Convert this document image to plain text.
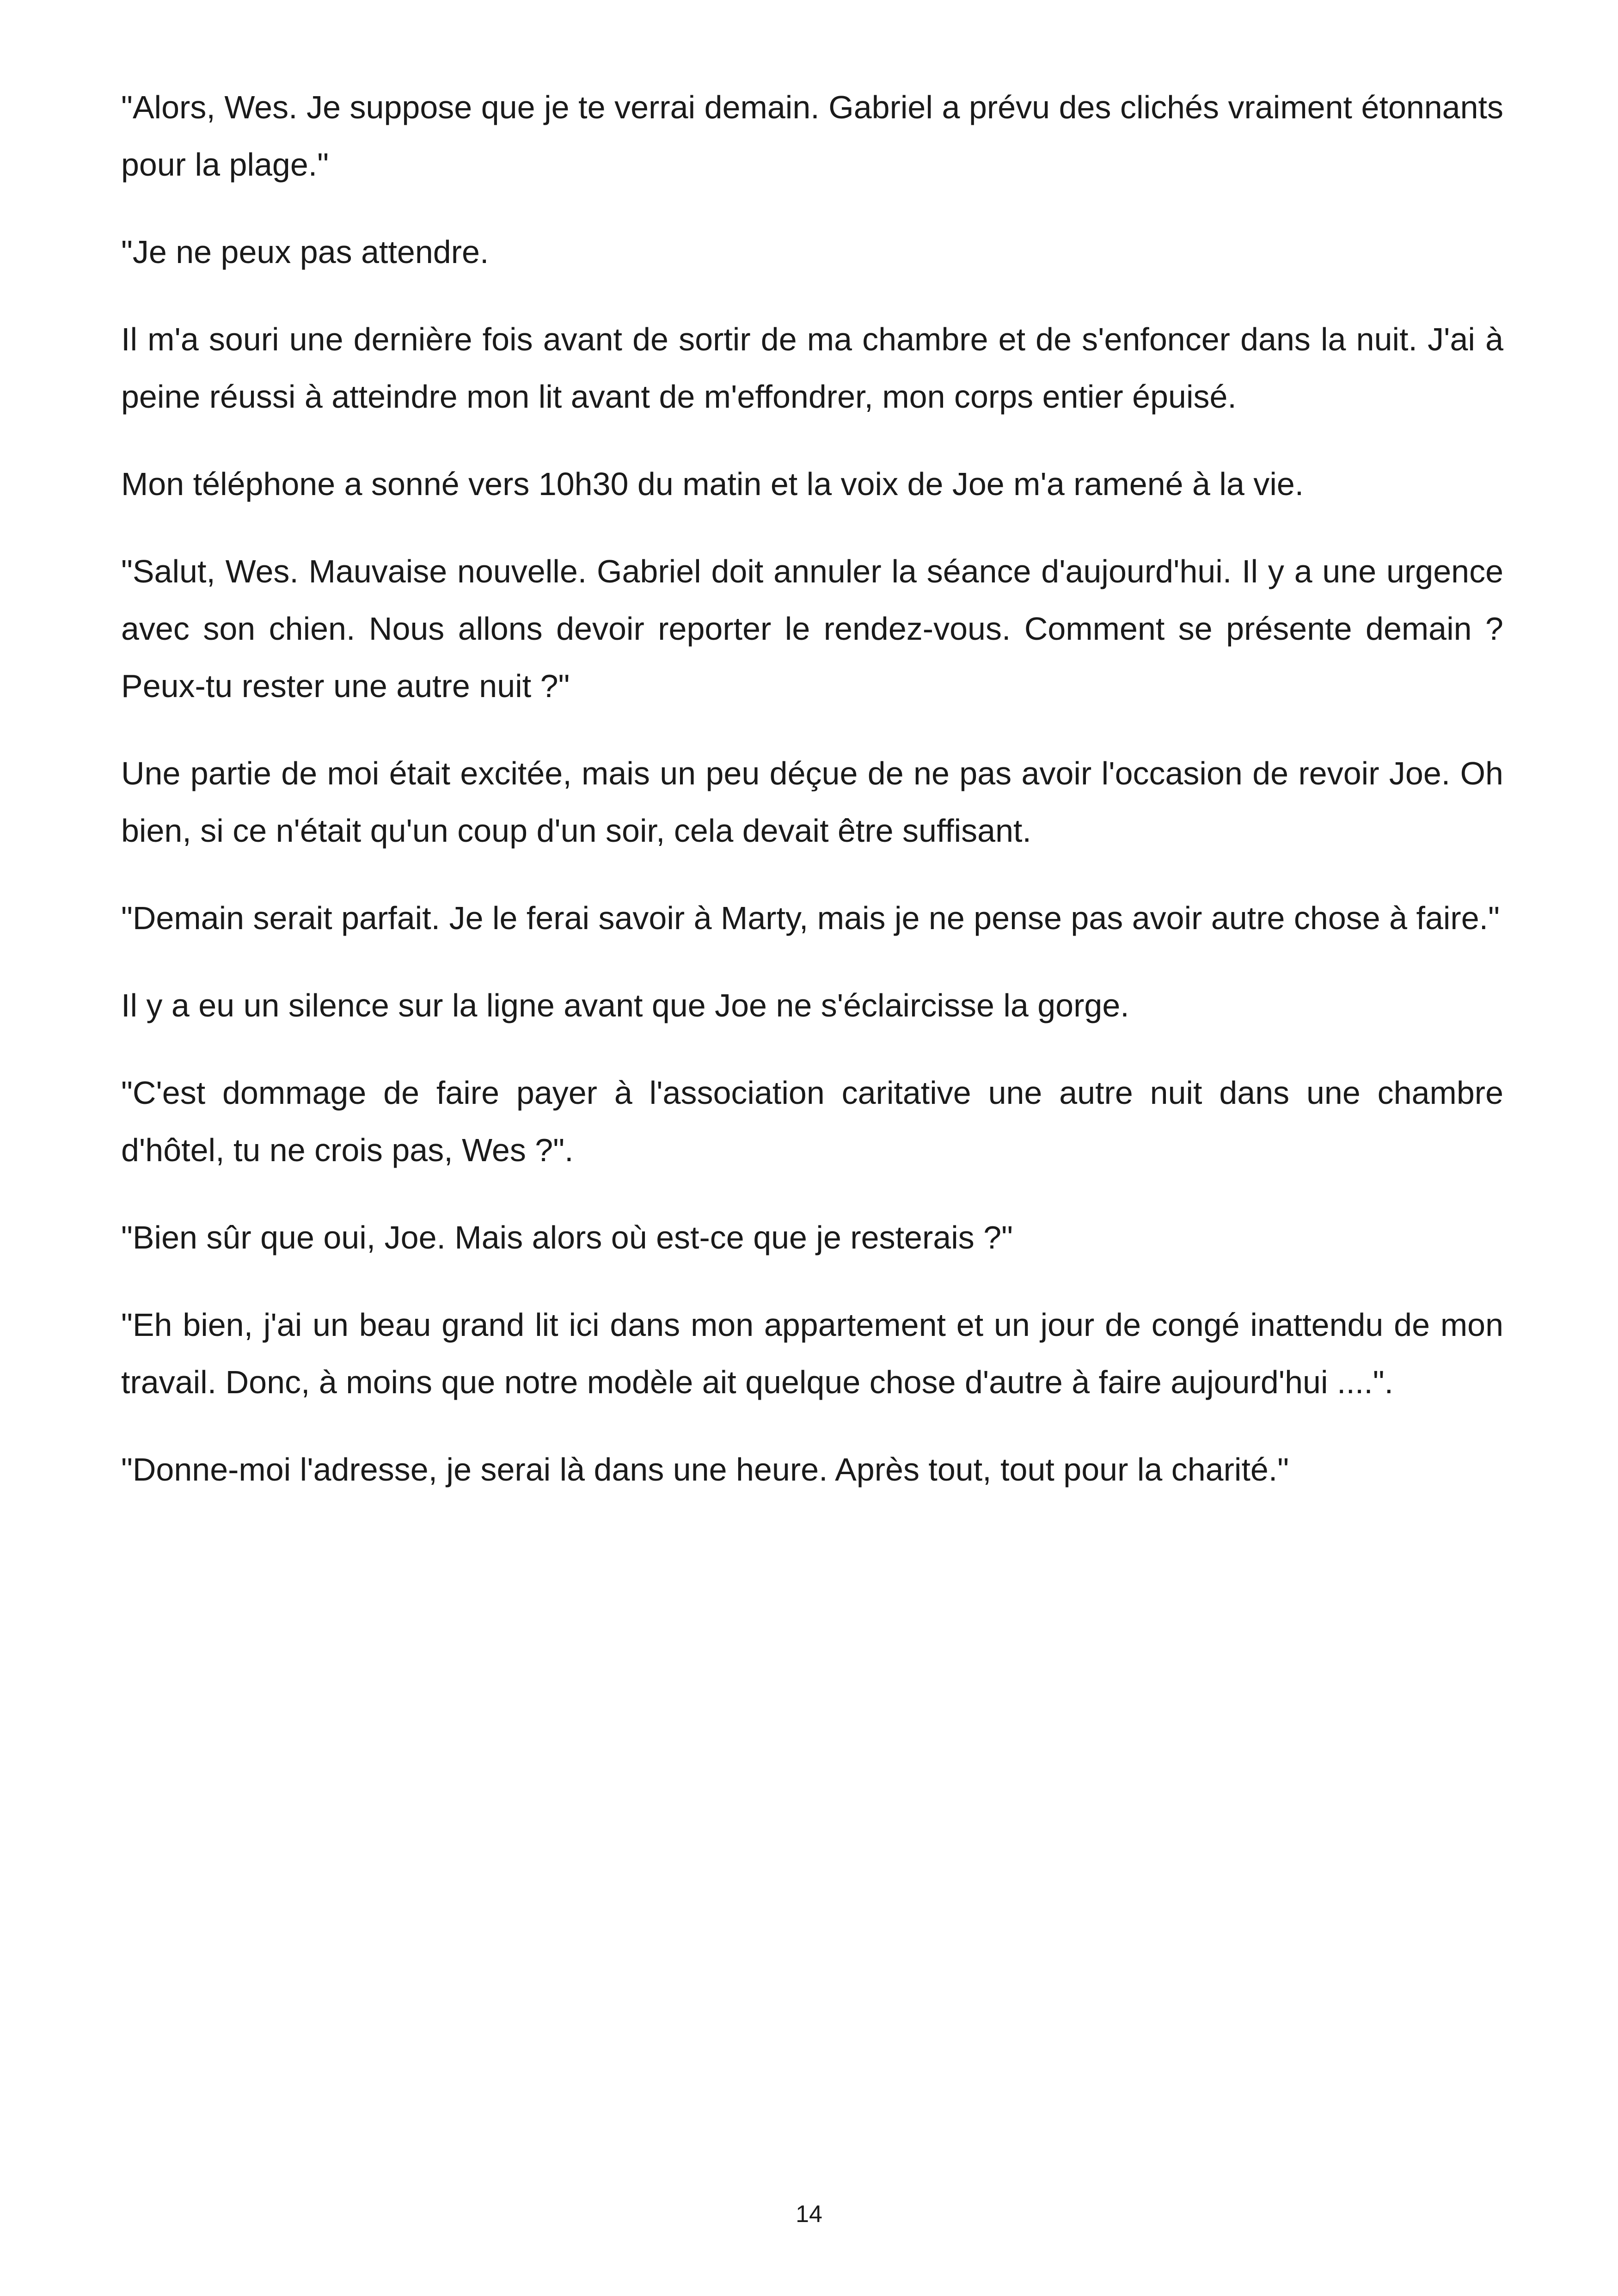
"Alors, Wes. Je suppose que je te verrai demain. Gabriel a prévu des clichés vraiment étonnants pour la plage."

"Je ne peux pas attendre.

Il m'a souri une dernière fois avant de sortir de ma chambre et de s'enfoncer dans la nuit. J'ai à peine réussi à atteindre mon lit avant de m'effondrer, mon corps entier épuisé.

Mon téléphone a sonné vers 10h30 du matin et la voix de Joe m'a ramené à la vie.

"Salut, Wes. Mauvaise nouvelle. Gabriel doit annuler la séance d'aujourd'hui. Il y a une urgence avec son chien. Nous allons devoir reporter le rendez-vous. Comment se présente demain ? Peux-tu rester une autre nuit ?"

Une partie de moi était excitée, mais un peu déçue de ne pas avoir l'occasion de revoir Joe. Oh bien, si ce n'était qu'un coup d'un soir, cela devait être suffisant.

"Demain serait parfait. Je le ferai savoir à Marty, mais je ne pense pas avoir autre chose à faire."

Il y a eu un silence sur la ligne avant que Joe ne s'éclaircisse la gorge.

"C'est dommage de faire payer à l'association caritative une autre nuit dans une chambre d'hôtel, tu ne crois pas, Wes ?".

"Bien sûr que oui, Joe. Mais alors où est-ce que je resterais ?"

"Eh bien, j'ai un beau grand lit ici dans mon appartement et un jour de congé inattendu de mon travail. Donc, à moins que notre modèle ait quelque chose d'autre à faire aujourd'hui ....".

"Donne-moi l'adresse, je serai là dans une heure. Après tout, tout pour la charité."

14
